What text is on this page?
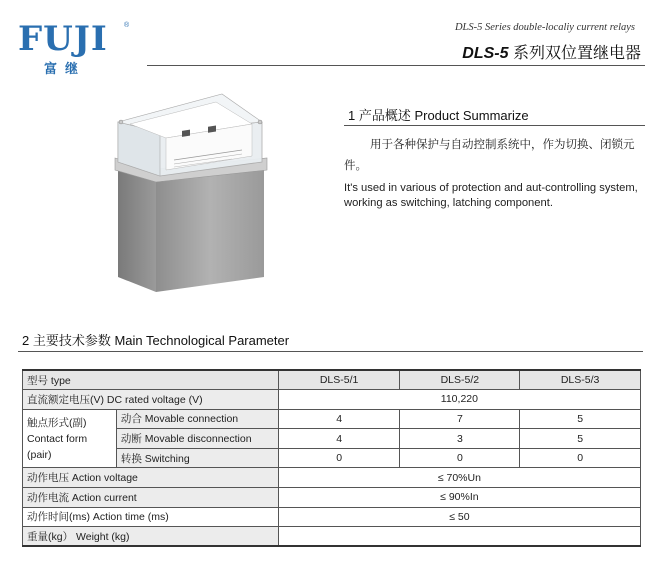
FUJI ®
富继
DLS-5 Series double-localiy current relays
DLS-5 系列双位置继电器
1 产品概述 Product Summarize
用于各种保护与自动控制系统中，作为切换、闭锁元件。
It's used in various of protection and aut-controlling system, working as switching, latching component.
2 主要技术参数 Main Technological Parameter
型号 type		DLS-5/1	DLS-5/2	DLS-5/3
直流额定电压(V) DC rated voltage (V)		110,220		
触点形式(副)
Contact form (pair)	动合 Movable connection	4	7	5
	动断 Movable disconnection	4	3	5
	转换 Switching	0	0	0
动作电压 Action voltage		≤ 70%Un		
动作电流 Action current		≤ 90%In		
动作时间(ms) Action time (ms)		≤ 50		
重量(kg） Weight (kg)				
